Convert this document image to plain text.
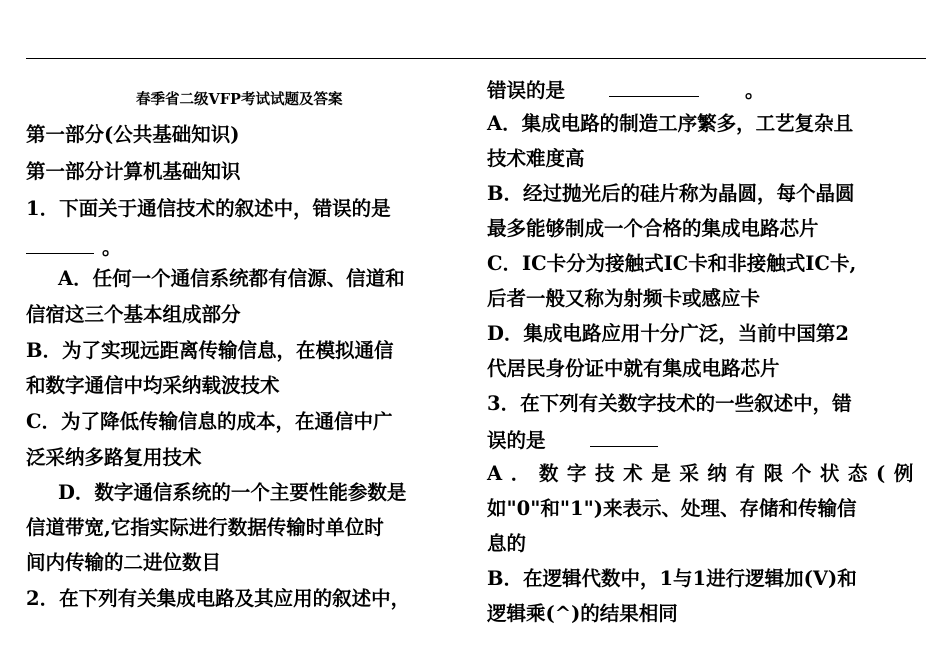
春季省二级VFP考试试题及答案
第一部分(公共基础知识)
第一部分计算机基础知识
1．下面关于通信技术的叙述中，错误的是
。
A．任何一个通信系统都有信源、信道和
信宿这三个基本组成部分
B．为了实现远距离传输信息，在模拟通信
和数字通信中均采纳载波技术
C．为了降低传输信息的成本，在通信中广
泛采纳多路复用技术
D．数字通信系统的一个主要性能参数是
信道带宽,它指实际进行数据传输时单位时
间内传输的二进位数目
2．在下列有关集成电路及其应用的叙述中，
错误的是	。
A．集成电路的制造工序繁多，工艺复杂且
技术难度高
B．经过抛光后的硅片称为晶圆，每个晶圆
最多能够制成一个合格的集成电路芯片
C．IC卡分为接触式IC卡和非接触式IC卡,
后者一般又称为射频卡或感应卡
D．集成电路应用十分广泛，当前中国第2
代居民身份证中就有集成电路芯片
3．在下列有关数字技术的一些叙述中，错
误的是
A．数字技术是采纳有限个状态(例
如"0"和"1")来表示、处理、存储和传输信
息的
B．在逻辑代数中，1与1进行逻辑加(V)和
逻辑乘(^)的结果相同
